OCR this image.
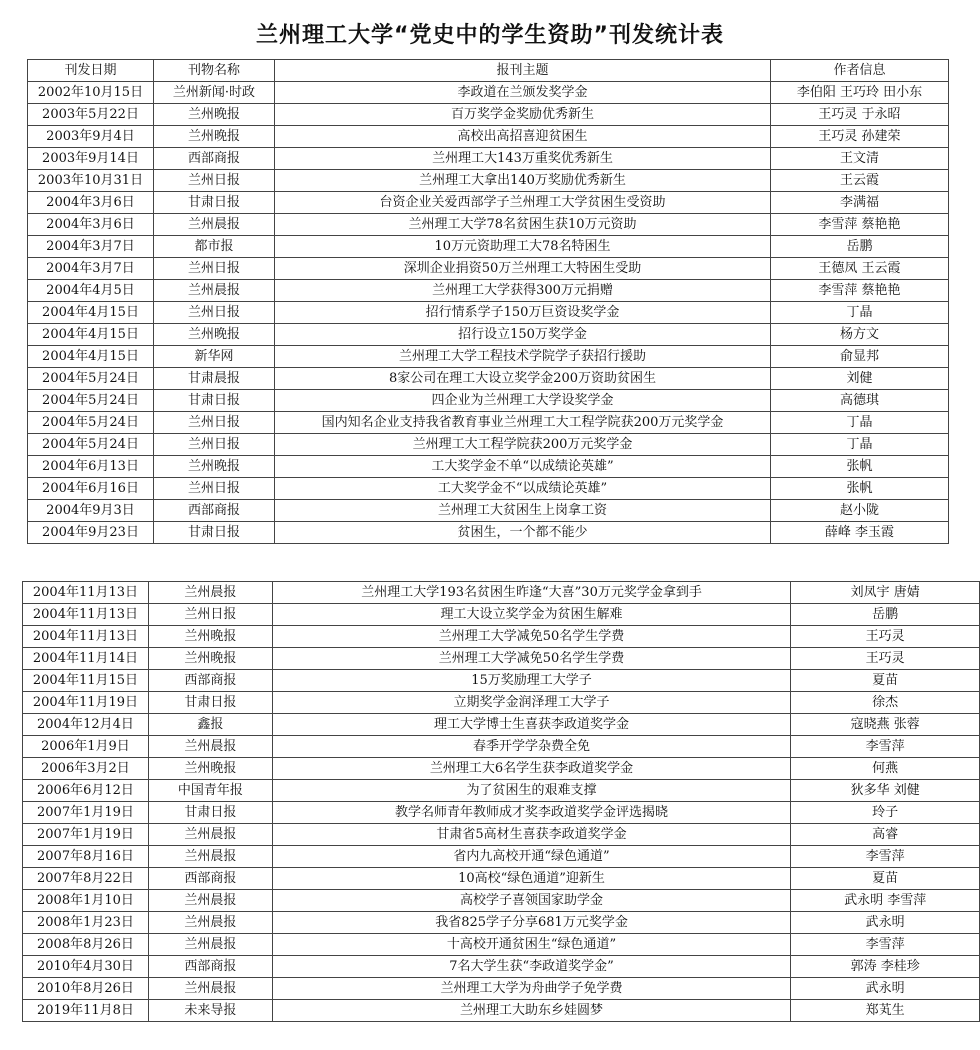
兰州理工大学“党史中的学生资助”刊发统计表
刊发日期	刊物名称	报刊主题	作者信息
2002年10月15日	兰州新闻·时政	李政道在兰颁发奖学金	李伯阳 王巧玲 田小东
2003年5月22日	兰州晚报	百万奖学金奖励优秀新生	王巧灵 于永昭
2003年9月4日	兰州晚报	高校出高招喜迎贫困生	王巧灵 孙建荣
2003年9月14日	西部商报	兰州理工大143万重奖优秀新生	王文清
2003年10月31日	兰州日报	兰州理工大拿出140万奖励优秀新生	王云霞
2004年3月6日	甘肃日报	台资企业关爱西部学子兰州理工大学贫困生受资助	李满福
2004年3月6日	兰州晨报	兰州理工大学78名贫困生获10万元资助	李雪萍 蔡艳艳
2004年3月7日	都市报	10万元资助理工大78名特困生	岳鹏
2004年3月7日	兰州日报	深圳企业捐资50万兰州理工大特困生受助	王德凤 王云霞
2004年4月5日	兰州晨报	兰州理工大学获得300万元捐赠	李雪萍 蔡艳艳
2004年4月15日	兰州日报	招行情系学子150万巨资设奖学金	丁晶
2004年4月15日	兰州晚报	招行设立150万奖学金	杨方文
2004年4月15日	新华网	兰州理工大学工程技术学院学子获招行援助	俞显邦
2004年5月24日	甘肃晨报	8家公司在理工大设立奖学金200万资助贫困生	刘健
2004年5月24日	甘肃日报	四企业为兰州理工大学设奖学金	高德琪
2004年5月24日	兰州日报	国内知名企业支持我省教育事业兰州理工大工程学院获200万元奖学金	丁晶
2004年5月24日	兰州日报	兰州理工大工程学院获200万元奖学金	丁晶
2004年6月13日	兰州晚报	工大奖学金不单“以成绩论英雄”	张帆
2004年6月16日	兰州日报	工大奖学金不“以成绩论英雄”	张帆
2004年9月3日	西部商报	兰州理工大贫困生上岗拿工资	赵小陇
2004年9月23日	甘肃日报	贫困生，一个都不能少	薛峰 李玉霞
2004年11月13日	兰州晨报	兰州理工大学193名贫困生昨逢“大喜”30万元奖学金拿到手	刘凤宇 唐婧
2004年11月13日	兰州日报	理工大设立奖学金为贫困生解难	岳鹏
2004年11月13日	兰州晚报	兰州理工大学减免50名学生学费	王巧灵
2004年11月14日	兰州晚报	兰州理工大学减免50名学生学费	王巧灵
2004年11月15日	西部商报	15万奖励理工大学子	夏苗
2004年11月19日	甘肃日报	立期奖学金润泽理工大学子	徐杰
2004年12月4日	鑫报	理工大学博士生喜获李政道奖学金	寇晓燕 张蓉
2006年1月9日	兰州晨报	春季开学学杂费全免	李雪萍
2006年3月2日	兰州晚报	兰州理工大6名学生获李政道奖学金	何燕
2006年6月12日	中国青年报	为了贫困生的艰难支撑	狄多华 刘健
2007年1月19日	甘肃日报	教学名师青年教师成才奖李政道奖学金评选揭晓	玲子
2007年1月19日	兰州晨报	甘肃省5高材生喜获李政道奖学金	高睿
2007年8月16日	兰州晨报	省内九高校开通“绿色通道”	李雪萍
2007年8月22日	西部商报	10高校“绿色通道”迎新生	夏苗
2008年1月10日	兰州晨报	高校学子喜领国家助学金	武永明 李雪萍
2008年1月23日	兰州晨报	我省825学子分享681万元奖学金	武永明
2008年8月26日	兰州晨报	十高校开通贫困生“绿色通道”	李雪萍
2010年4月30日	西部商报	7名大学生获“李政道奖学金”	郭涛 李桂珍
2010年8月26日	兰州晨报	兰州理工大学为舟曲学子免学费	武永明
2019年11月8日	未来导报	兰州理工大助东乡娃圆梦	郑芄生
